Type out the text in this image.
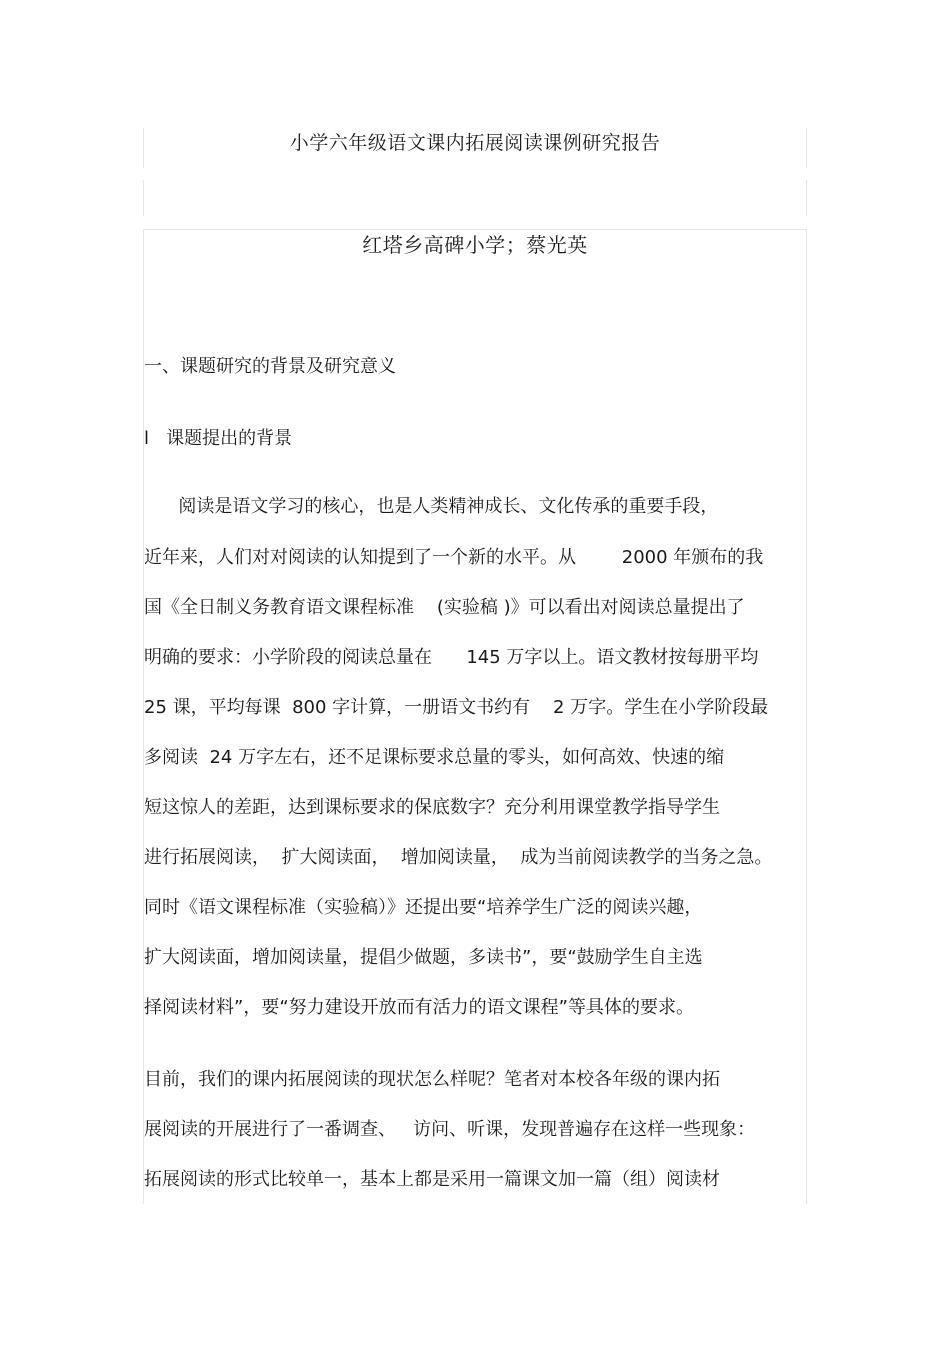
小学六年级语文课内拓展阅读课例研究报告
红塔乡高碑小学；蔡光英
一、课题研究的背景及研究意义
l   课题提出的背景
阅读是语文学习的核心，也是人类精神成长、文化传承的重要手段，
近年来，人们对对阅读的认知提到了一个新的水平。从        2000 年颁布的我
国《全日制义务教育语文课程标准    (实验稿 )》可以看出对阅读总量提出了
明确的要求：小学阶段的阅读总量在      145 万字以上。语文教材按每册平均
25 课，平均每课  800 字计算，一册语文书约有    2 万字。学生在小学阶段最
多阅读  24 万字左右，还不足课标要求总量的零头，如何高效、快速的缩
短这惊人的差距，达到课标要求的保底数字？充分利用课堂教学指导学生
进行拓展阅读，  扩大阅读面，  增加阅读量，  成为当前阅读教学的当务之急。
同时《语文课程标准（实验稿）》还提出要“培养学生广泛的阅读兴趣，
扩大阅读面，增加阅读量，提倡少做题，多读书”，要“鼓励学生自主选
择阅读材料”，要“努力建设开放而有活力的语文课程”等具体的要求。
目前，我们的课内拓展阅读的现状怎么样呢？笔者对本校各年级的课内拓
展阅读的开展进行了一番调查、   访问、听课，发现普遍存在这样一些现象：
拓展阅读的形式比较单一，基本上都是采用一篇课文加一篇（组）阅读材
